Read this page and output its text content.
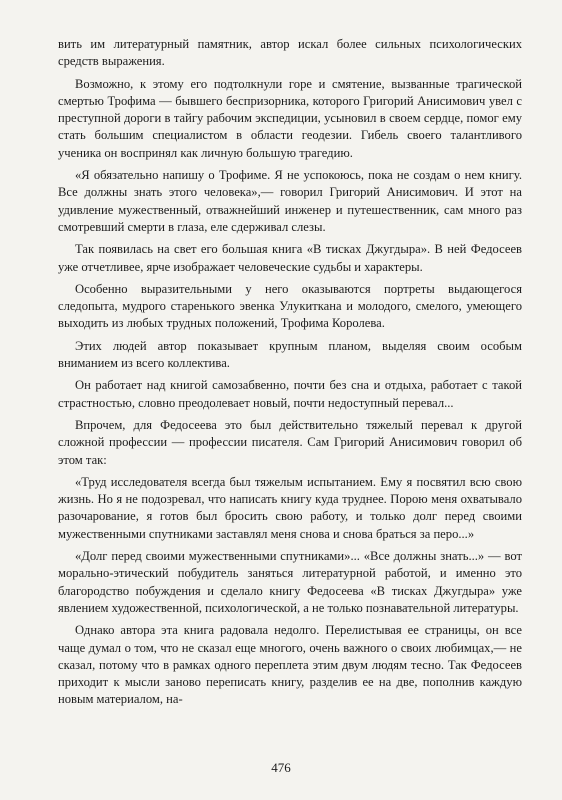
вить им литературный памятник, автор искал более сильных психологических средств выражения.

Возможно, к этому его подтолкнули горе и смятение, вызванные трагической смертью Трофима — бывшего беспризорника, которого Григорий Анисимович увел с преступной дороги в тайгу рабочим экспедиции, усыновил в своем сердце, помог ему стать большим специалистом в области геодезии. Гибель своего талантливого ученика он воспринял как личную большую трагедию.

«Я обязательно напишу о Трофиме. Я не успокоюсь, пока не создам о нем книгу. Все должны знать этого человека»,— говорил Григорий Анисимович. И этот на удивление мужественный, отважнейший инженер и путешественник, сам много раз смотревший смерти в глаза, еле сдерживал слезы.

Так появилась на свет его большая книга «В тисках Джугдыра». В ней Федосеев уже отчетливее, ярче изображает человеческие судьбы и характеры.

Особенно выразительными у него оказываются портреты выдающегося следопыта, мудрого старенького эвенка Улукиткана и молодого, смелого, умеющего выходить из любых трудных положений, Трофима Королева.

Этих людей автор показывает крупным планом, выделяя своим особым вниманием из всего коллектива.

Он работает над книгой самозабвенно, почти без сна и отдыха, работает с такой страстностью, словно преодолевает новый, почти недоступный перевал...

Впрочем, для Федосеева это был действительно тяжелый перевал к другой сложной профессии — профессии писателя. Сам Григорий Анисимович говорил об этом так:

«Труд исследователя всегда был тяжелым испытанием. Ему я посвятил всю свою жизнь. Но я не подозревал, что написать книгу куда труднее. Порою меня охватывало разочарование, я готов был бросить свою работу, и только долг перед своими мужественными спутниками заставлял меня снова и снова браться за перо...»

«Долг перед своими мужественными спутниками»... «Все должны знать...» — вот морально-этический побудитель заняться литературной работой, и именно это благородство побуждения и сделало книгу Федосеева «В тисках Джугдыра» уже явлением художественной, психологической, а не только познавательной литературы.

Однако автора эта книга радовала недолго. Перелистывая ее страницы, он все чаще думал о том, что не сказал еще многого, очень важного о своих любимцах,— не сказал, потому что в рамках одного переплета этим двум людям тесно. Так Федосеев приходит к мысли заново переписать книгу, разделив ее на две, пополнив каждую новым материалом, на-

476
